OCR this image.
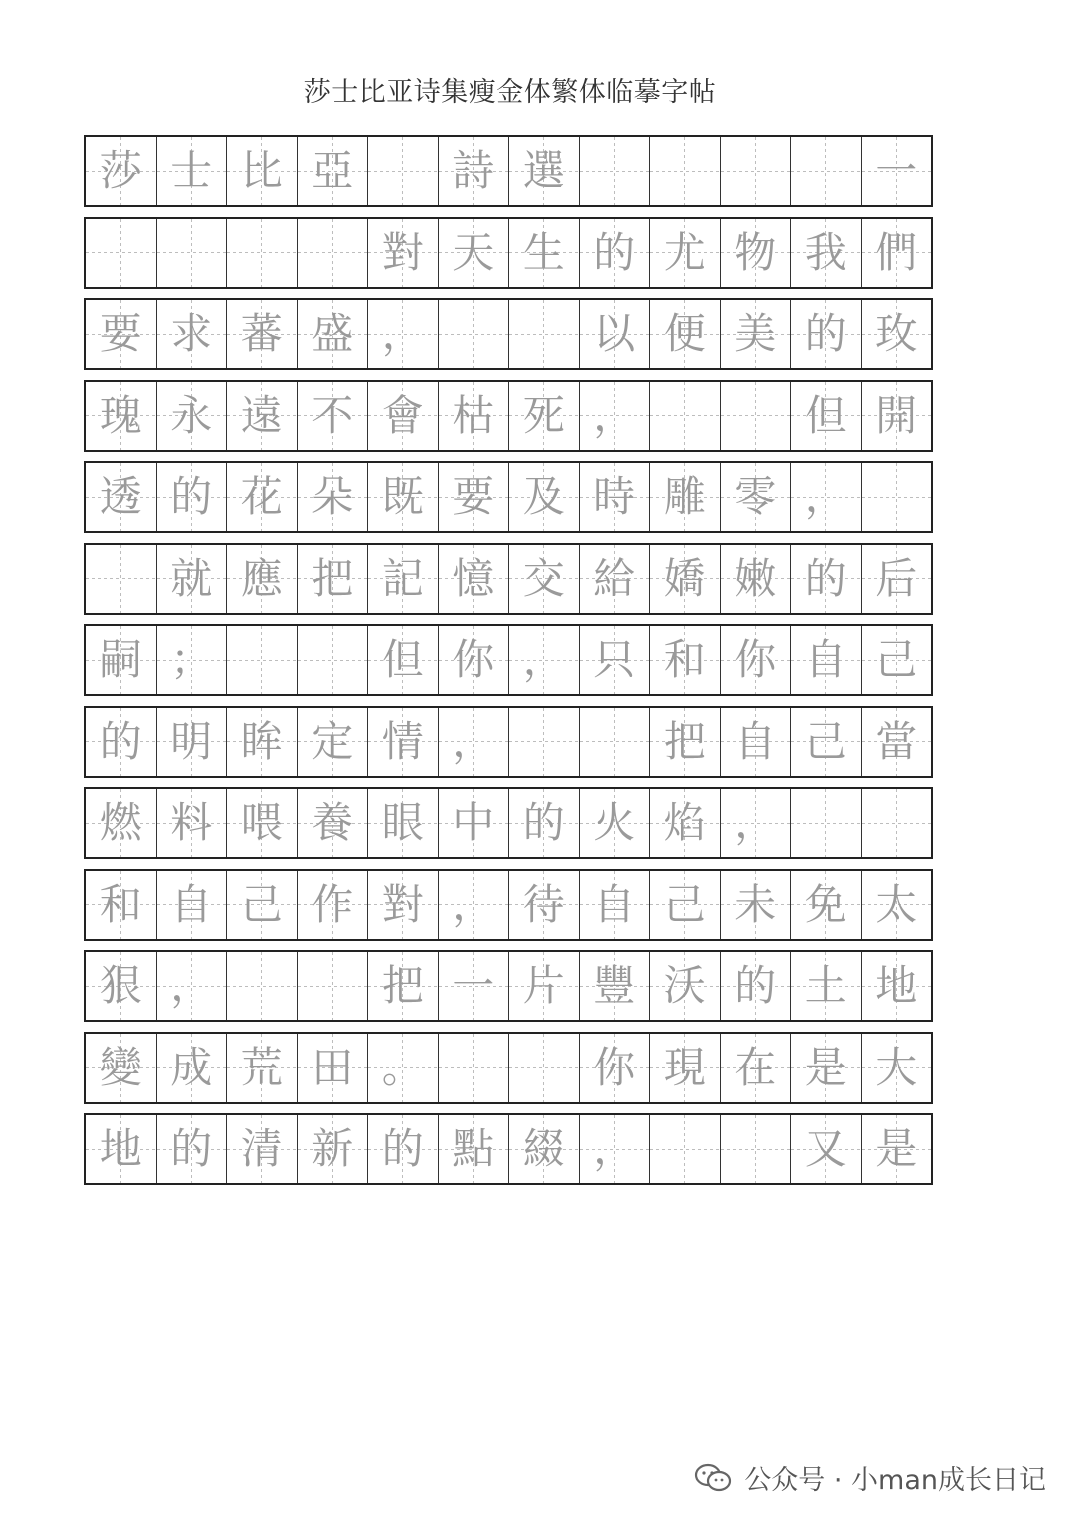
莎士比亚诗集瘦金体繁体临摹字帖
莎 士 比 亞 詩 選	一
對 天 生 的 尤 物 我 們
要 求 蕃 盛 ，	以 便 美 的 玫
瑰 永 遠 不 會 枯 死 ，	但 開
透 的 花 朵 既 要 及 時 雕 零 ，
就 應 把 記 憶 交 給 嬌 嫩 的 后
嗣 ；	但 你 ， 只 和 你 自 己
的 明 眸 定 情 ，	把 自 己 當
燃 料 喂 養 眼 中 的 火 焰 ，
和 自 己 作 對 ， 待 自 己 未 免 太
狠 ，	把 一 片 豐 沃 的 土 地
變 成 荒 田 。	你 現 在 是 大
地 的 清 新 的 點 綴 ，	又 是
公众号 · 小man成长日记
